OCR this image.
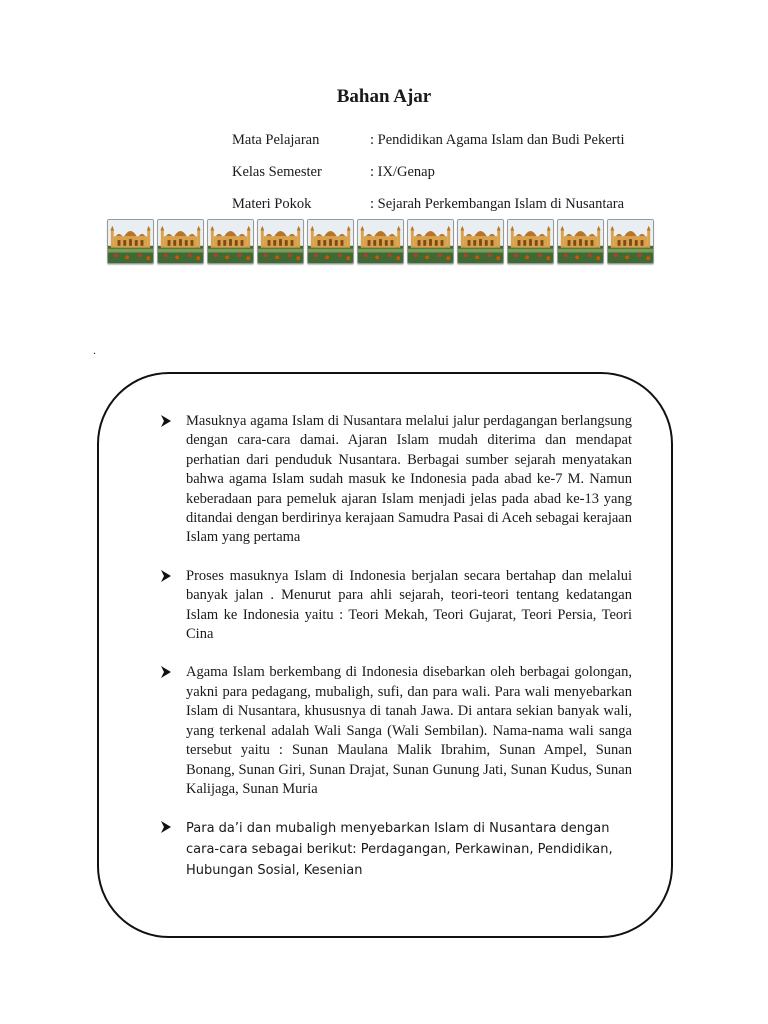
Bahan Ajar
Mata Pelajaran	: Pendidikan Agama Islam dan Budi Pekerti
Kelas Semester	: IX/Genap
Materi Pokok	: Sejarah Perkembangan Islam di Nusantara
.
Masuknya agama Islam di Nusantara melalui jalur perdagangan berlangsung dengan cara-cara damai. Ajaran Islam mudah diterima dan mendapat perhatian dari penduduk Nusantara. Berbagai sumber sejarah menyatakan bahwa agama Islam sudah masuk ke Indonesia pada abad ke-7 M. Namun keberadaan para pemeluk ajaran Islam menjadi jelas pada abad ke-13 yang ditandai dengan berdirinya kerajaan Samudra Pasai di Aceh sebagai kerajaan Islam yang pertama
Proses masuknya Islam di Indonesia berjalan secara bertahap dan melalui banyak jalan . Menurut para ahli sejarah, teori-teori tentang kedatangan Islam ke Indonesia yaitu : Teori Mekah, Teori Gujarat, Teori Persia, Teori Cina
Agama Islam berkembang di Indonesia disebarkan oleh berbagai golongan, yakni para pedagang, mubaligh, sufi, dan para wali. Para wali menyebarkan Islam di Nusantara, khususnya di tanah Jawa. Di antara sekian banyak wali, yang terkenal adalah Wali Sanga (Wali Sembilan). Nama-nama wali sanga tersebut yaitu : Sunan Maulana Malik Ibrahim, Sunan Ampel, Sunan Bonang, Sunan Giri, Sunan Drajat, Sunan Gunung Jati, Sunan Kudus, Sunan Kalijaga, Sunan Muria
Para da’i dan mubaligh menyebarkan Islam di Nusantara dengan cara-cara sebagai berikut: Perdagangan, Perkawinan, Pendidikan, Hubungan Sosial, Kesenian
